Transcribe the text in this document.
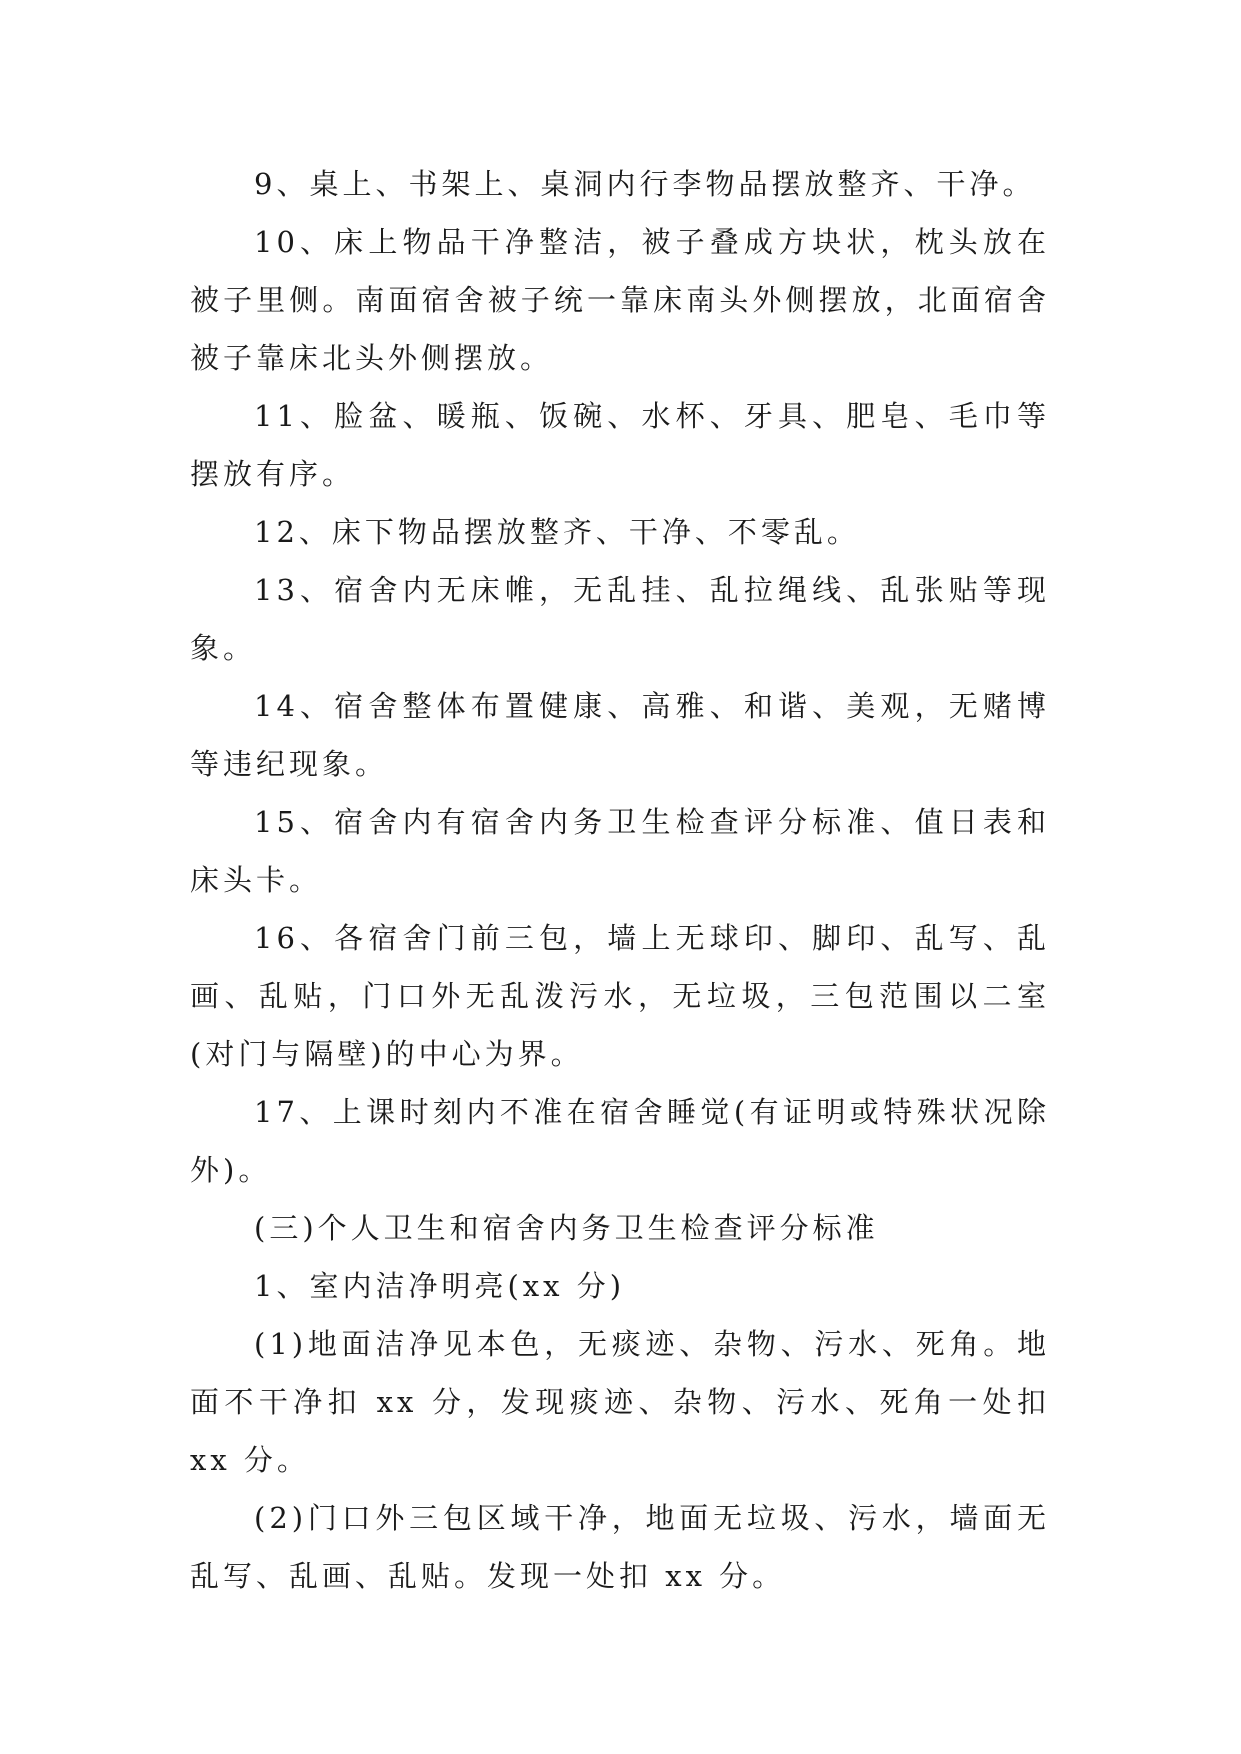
9、桌上、书架上、桌洞内行李物品摆放整齐、干净。

10、床上物品干净整洁，被子叠成方块状，枕头放在被子里侧。南面宿舍被子统一靠床南头外侧摆放，北面宿舍被子靠床北头外侧摆放。

11、脸盆、暖瓶、饭碗、水杯、牙具、肥皂、毛巾等摆放有序。

12、床下物品摆放整齐、干净、不零乱。

13、宿舍内无床帷，无乱挂、乱拉绳线、乱张贴等现象。

14、宿舍整体布置健康、高雅、和谐、美观，无赌博等违纪现象。

15、宿舍内有宿舍内务卫生检查评分标准、值日表和床头卡。

16、各宿舍门前三包，墙上无球印、脚印、乱写、乱画、乱贴，门口外无乱泼污水，无垃圾，三包范围以二室(对门与隔壁)的中心为界。

17、上课时刻内不准在宿舍睡觉(有证明或特殊状况除外)。

(三)个人卫生和宿舍内务卫生检查评分标准

1、室内洁净明亮(xx 分)

(1)地面洁净见本色，无痰迹、杂物、污水、死角。地面不干净扣 xx 分，发现痰迹、杂物、污水、死角一处扣 xx 分。

(2)门口外三包区域干净，地面无垃圾、污水，墙面无乱写、乱画、乱贴。发现一处扣 xx 分。
